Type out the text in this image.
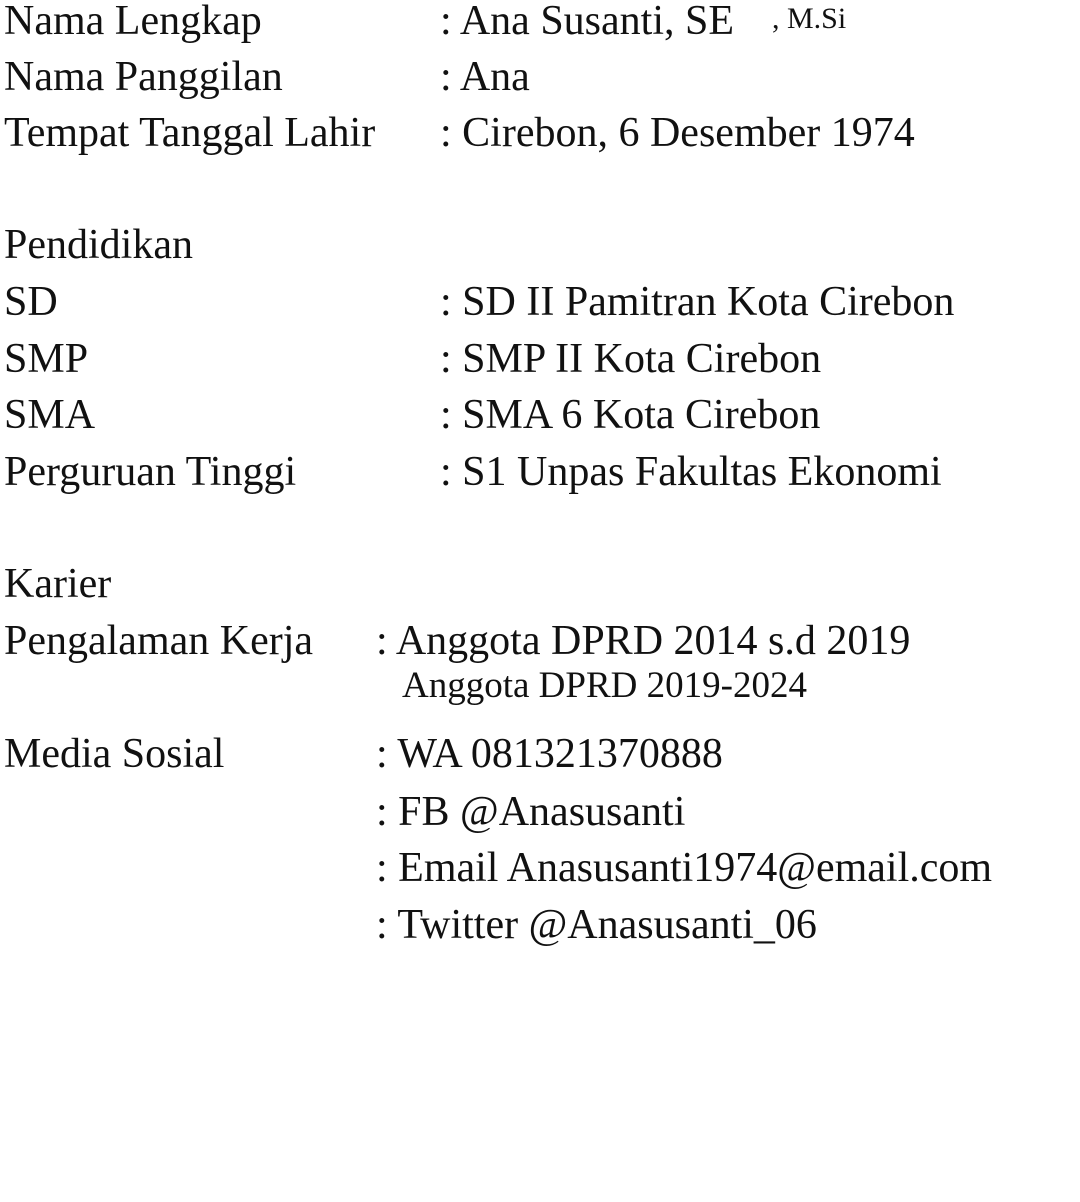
Nama Lengkap	: Ana Susanti, SE , M.Si
Nama Panggilan	: Ana
Tempat Tanggal Lahir : Cirebon, 6 Desember 1974
Pendidikan
SD	: SD II Pamitran Kota Cirebon
SMP	: SMP II Kota Cirebon
SMA	: SMA 6 Kota Cirebon
Perguruan Tinggi	: S1 Unpas Fakultas Ekonomi
Karier
Pengalaman Kerja : Anggota DPRD 2014 s.d 2019
Anggota DPRD 2019-2024
Media Sosial	: WA 081321370888
: FB @Anasusanti
: Email Anasusanti1974@email.com
: Twitter @Anasusanti_06
